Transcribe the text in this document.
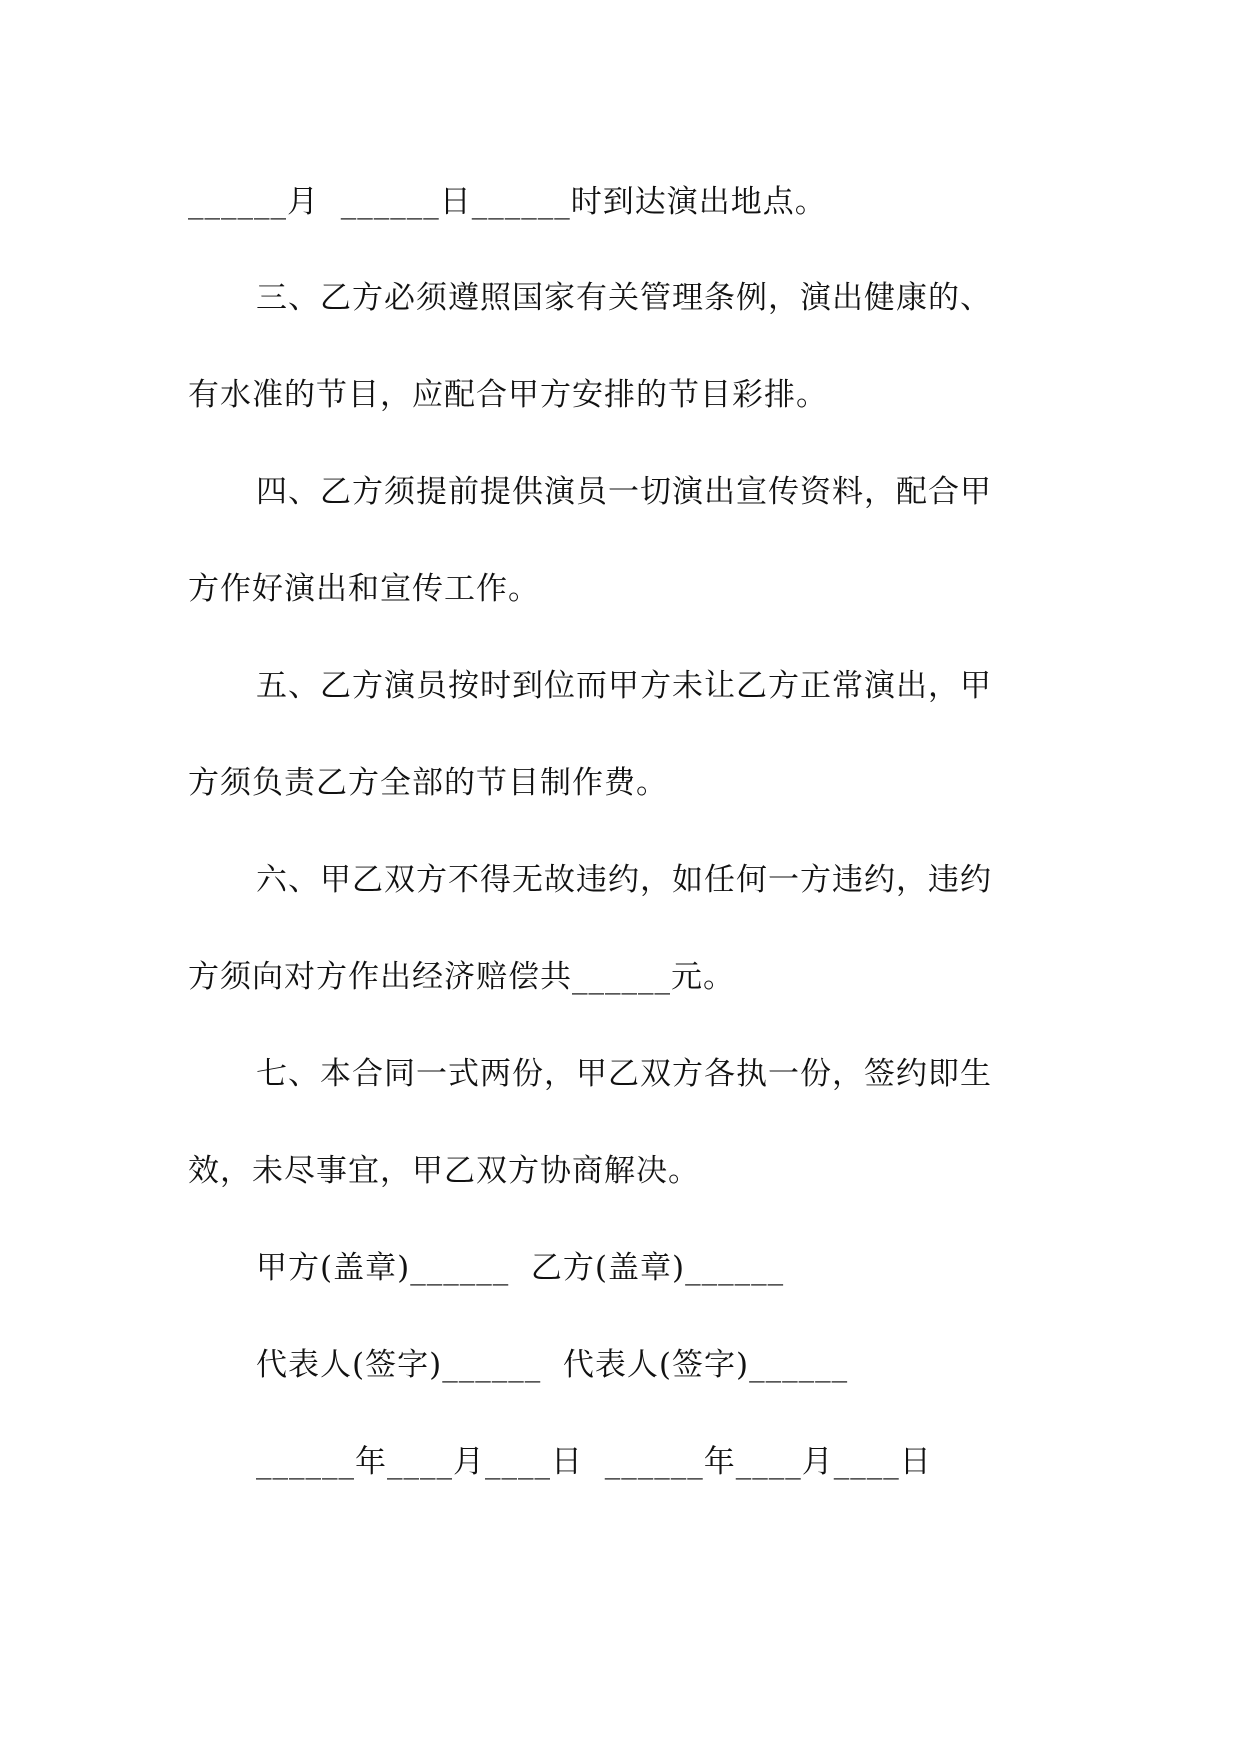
______月  ______日______时到达演出地点。
三、乙方必须遵照国家有关管理条例，演出健康的、
有水准的节目，应配合甲方安排的节目彩排。
四、乙方须提前提供演员一切演出宣传资料，配合甲
方作好演出和宣传工作。
五、乙方演员按时到位而甲方未让乙方正常演出，甲
方须负责乙方全部的节目制作费。
六、甲乙双方不得无故违约，如任何一方违约，违约
方须向对方作出经济赔偿共______元。
七、本合同一式两份，甲乙双方各执一份，签约即生
效，未尽事宜，甲乙双方协商解决。
甲方(盖章)______  乙方(盖章)______
代表人(签字)______  代表人(签字)______
______年____月____日  ______年____月____日
